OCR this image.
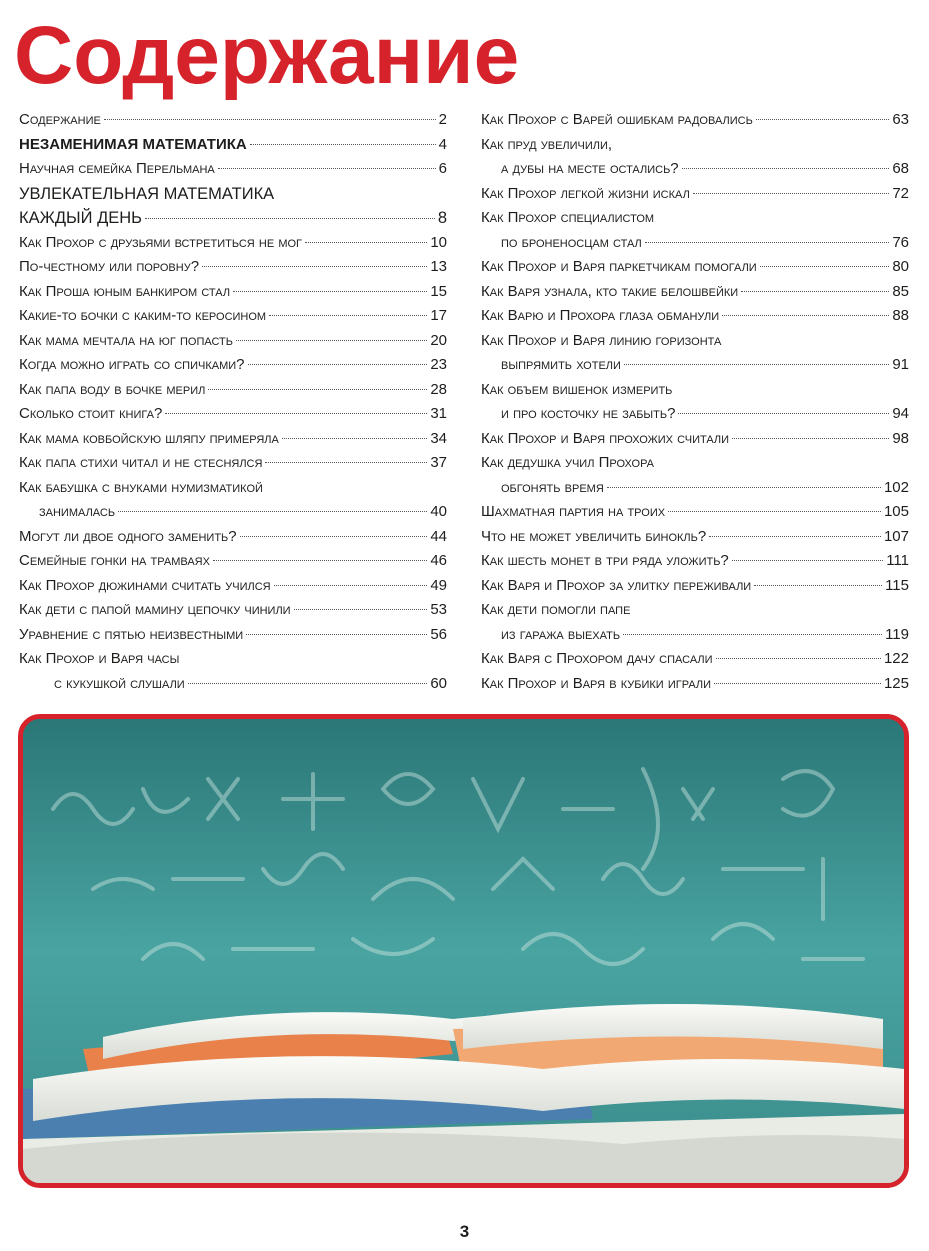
Содержание
Содержание	2
НЕЗАМЕНИМАЯ МАТЕМАТИКА	4
Научная семейка Перельмана	6
УВЛЕКАТЕЛЬНАЯ МАТЕМАТИКА
КАЖДЫЙ ДЕНЬ	8
Как Прохор с друзьями встретиться не мог	10
По-честному или поровну?	13
Как Проша юным банкиром стал	15
Какие-то бочки с каким-то керосином	17
Как мама мечтала на юг попасть	20
Когда можно играть со спичками?	23
Как папа воду в бочке мерил	28
Сколько стоит книга?	31
Как мама ковбойскую шляпу примеряла	34
Как папа стихи читал и не стеснялся	37
Как бабушка с внуками нумизматикой
занималась	40
Могут ли двое одного заменить?	44
Семейные гонки на трамваях	46
Как Прохор дюжинами считать учился	49
Как дети с папой мамину цепочку чинили	53
Уравнение с пятью неизвестными	56
Как Прохор и Варя часы
с кукушкой слушали	60
Как Прохор с Варей ошибкам радовались	63
Как пруд увеличили,
а дубы на месте остались?	68
Как Прохор легкой жизни искал	72
Как Прохор специалистом
по броненосцам стал	76
Как Прохор и Варя паркетчикам помогали	80
Как Варя узнала, кто такие белошвейки	85
Как Варю и Прохора глаза обманули	88
Как Прохор и Варя линию горизонта
выпрямить хотели	91
Как объем вишенок измерить
и про косточку не забыть?	94
Как Прохор и Варя прохожих считали	98
Как дедушка учил Прохора
обгонять время	102
Шахматная партия на троих	105
Что не может увеличить бинокль?	107
Как шесть монет в три ряда уложить?	111
Как Варя и Прохор за улитку переживали	115
Как дети помогли папе
из гаража выехать	119
Как Варя с Прохором дачу спасали	122
Как Прохор и Варя в кубики играли	125
3
